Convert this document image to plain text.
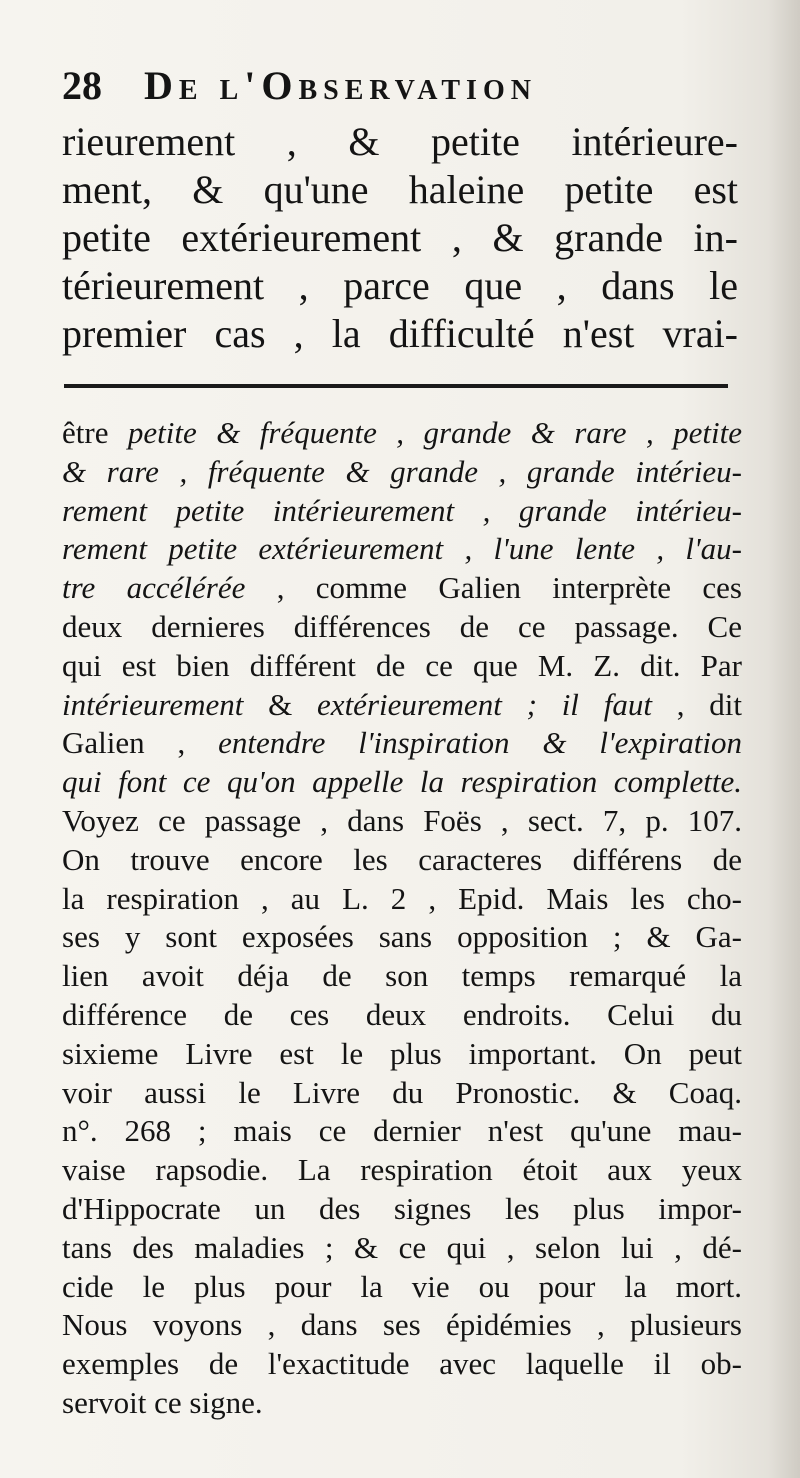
28 De l'Observation
rieurement , & petite intérieure-
ment, & qu'une haleine petite est
petite extérieurement , & grande in-
térieurement , parce que , dans le
premier cas , la difficulté n'est vrai-
être petite & fréquente , grande & rare , petite
& rare , fréquente & grande , grande intérieu-
rement petite intérieurement , grande intérieu-
rement petite extérieurement , l'une lente , l'au-
tre accélérée , comme Galien interprète ces
deux dernieres différences de ce passage. Ce
qui est bien différent de ce que M. Z. dit. Par
intérieurement & extérieurement ; il faut , dit
Galien , entendre l'inspiration & l'expiration
qui font ce qu'on appelle la respiration complette.
Voyez ce passage , dans Foës , sect. 7, p. 107.
On trouve encore les caracteres différens de
la respiration , au L. 2 , Epid. Mais les cho-
ses y sont exposées sans opposition ; & Ga-
lien avoit déja de son temps remarqué la
différence de ces deux endroits. Celui du
sixieme Livre est le plus important. On peut
voir aussi le Livre du Pronostic. & Coaq.
n°. 268 ; mais ce dernier n'est qu'une mau-
vaise rapsodie. La respiration étoit aux yeux
d'Hippocrate un des signes les plus impor-
tans des maladies ; & ce qui , selon lui , dé-
cide le plus pour la vie ou pour la mort.
Nous voyons , dans ses épidémies , plusieurs
exemples de l'exactitude avec laquelle il ob-
servoit ce signe.
